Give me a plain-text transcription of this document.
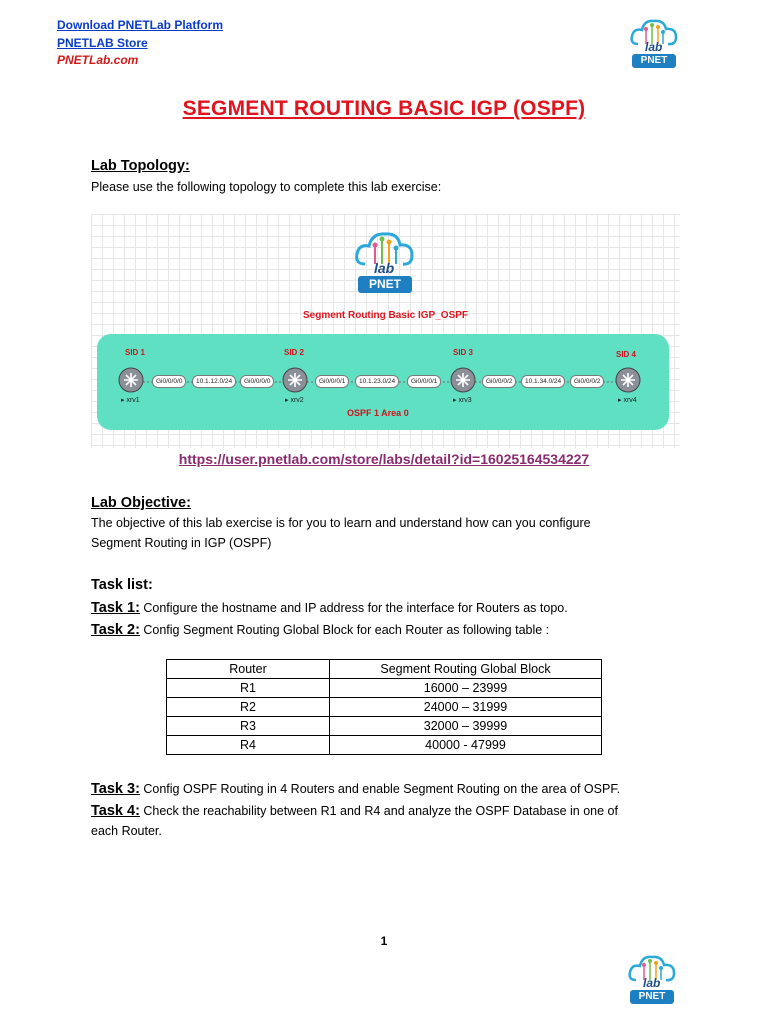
Download PNETLab Platform
PNETLAB Store
PNETLab.com
lab
PNET
SEGMENT ROUTING BASIC IGP (OSPF)
Lab Topology:
Please use the following topology to complete this lab exercise:
lab
PNET
Segment Routing Basic IGP_OSPF
SID 1	SID 2	SID 3	SID 4
▸ xrv1	▸ xrv2	▸ xrv3	▸ xrv4
Gi0/0/0/0	10.1.12.0/24	Gi0/0/0/0	Gi0/0/0/1	10.1.23.0/24	Gi0/0/0/1	Gi0/0/0/2	10.1.34.0/24	Gi0/0/0/2
OSPF 1 Area 0
https://user.pnetlab.com/store/labs/detail?id=16025164534227
Lab Objective:
The objective of this lab exercise is for you to learn and understand how can you configure
Segment Routing in IGP (OSPF)
Task list:
Task 1: Configure the hostname and IP address for the interface for Routers as topo.
Task 2: Config Segment Routing Global Block for each Router as following table :
Router	Segment Routing Global Block
R1	16000 – 23999
R2	24000 – 31999
R3	32000 – 39999
R4	40000 - 47999
Task 3: Config OSPF Routing in 4 Routers and enable Segment Routing on the area of OSPF.
Task 4: Check the reachability between R1 and R4 and analyze the OSPF Database in one of
each Router.
1
lab
PNET
